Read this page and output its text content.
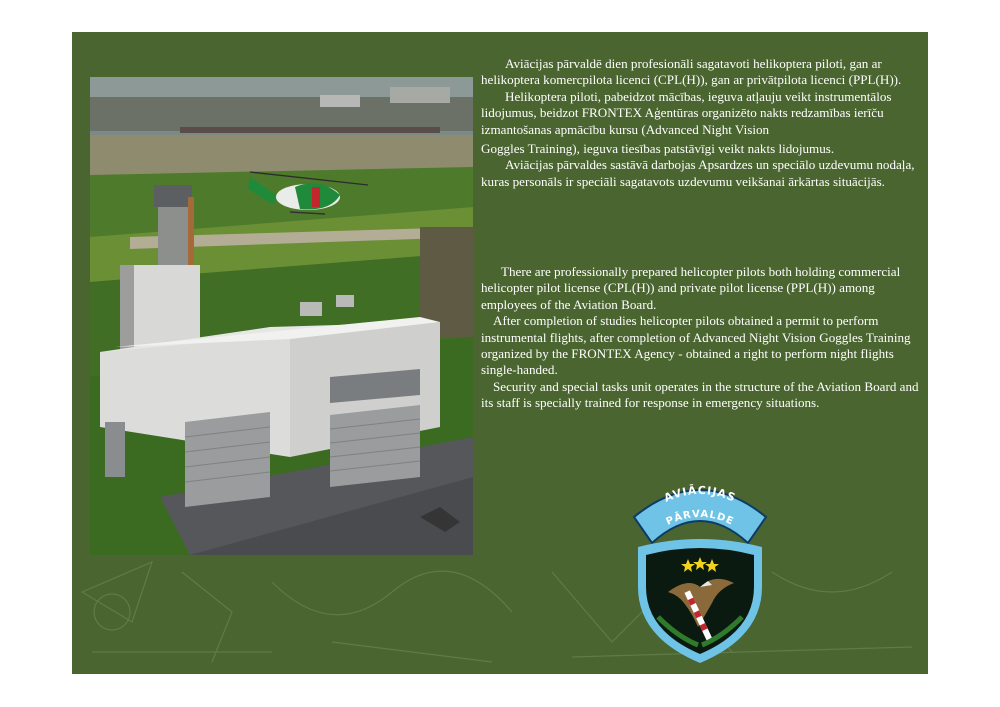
Aviācijas pārvaldē dien profesionāli sagatavoti helikoptera piloti, gan ar helikoptera komercpilota licenci (CPL(H)), gan ar privātpilota licenci (PPL(H)).

Helikoptera piloti, pabeidzot mācības, ieguva atļauju veikt instrumentālos lidojumus, beidzot FRONTEX Aģentūras organizēto nakts redzamības ierīču izmantošanas apmācību kursu (Advanced Night Vision

Goggles Training), ieguva tiesības patstāvīgi veikt nakts lidojumus.

Aviācijas pārvaldes sastāvā darbojas Apsardzes un speciālo uzdevumu nodaļa, kuras personāls ir speciāli sagatavots uzdevumu veikšanai ārkārtas situācijās.

There are professionally prepared helicopter pilots both holding commercial helicopter pilot license (CPL(H)) and private pilot license (PPL(H)) among employees of the Aviation Board.

After completion of studies helicopter pilots obtained a permit to perform instrumental flights, after completion of Advanced Night Vision Goggles Training organized by the FRONTEX Agency - obtained a right to perform night flights single-handed.

Security and special tasks unit operates in the structure of the Aviation Board and its staff is specially trained for response in emergency situations.

AVIĀCIJAS
PĀRVALDE
